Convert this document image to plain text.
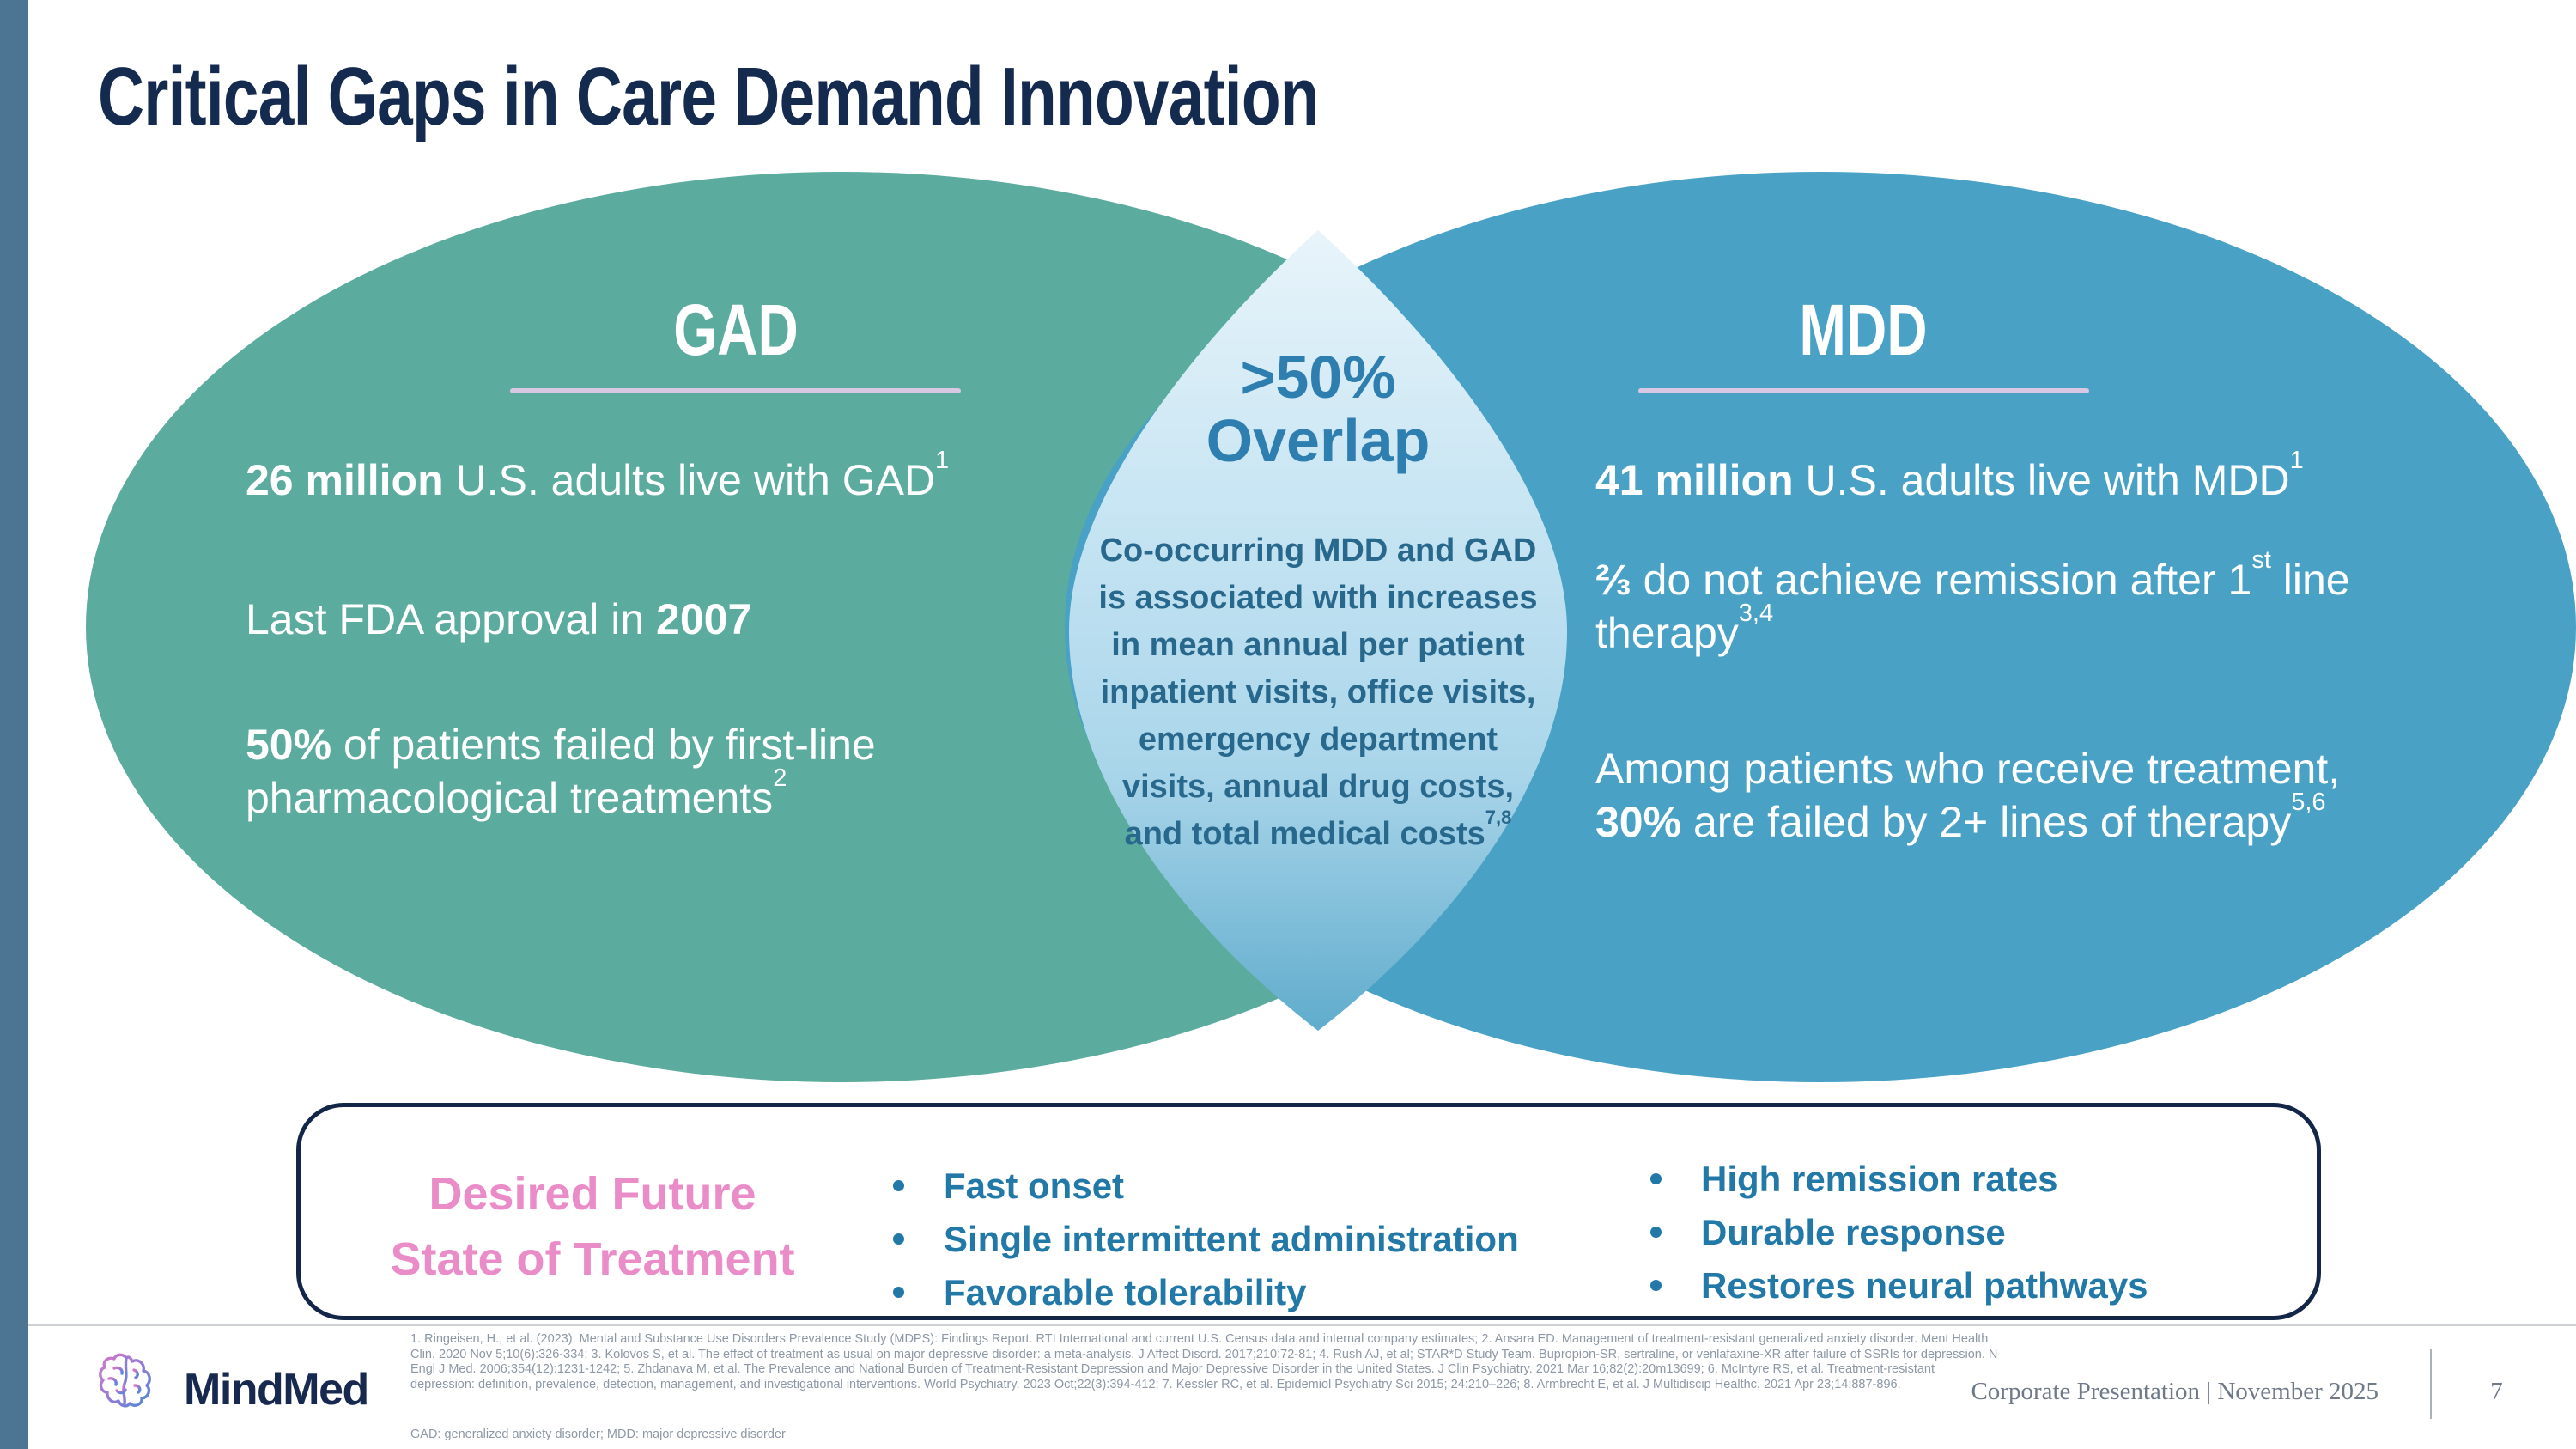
Critical Gaps in Care Demand Innovation
GAD
26 million U.S. adults live with GAD$^1$
Last FDA approval in 2007
50% of patients failed by first-line
pharmacological treatments$^2$
>50%
Overlap
Co-occurring MDD and GAD
is associated with increases
in mean annual per patient
inpatient visits, office visits,
emergency department
visits, annual drug costs,
and total medical costs$^{7,8}$
MDD
41 million U.S. adults live with MDD$^1$
⅔ do not achieve remission after 1st line
therapy$^{3,4}$
Among patients who receive treatment,
30% are failed by 2+ lines of therapy$^{5,6}$
Desired Future
State of Treatment
Fast onset
Single intermittent administration
Favorable tolerability
High remission rates
Durable response
Restores neural pathways
MindMed
1. Ringeisen, H., et al. (2023). Mental and Substance Use Disorders Prevalence Study (MDPS): Findings Report. RTI International and current U.S. Census data and internal company estimates; 2. Ansara ED. Management of treatment-resistant generalized anxiety disorder. Ment Health
Clin. 2020 Nov 5;10(6):326-334; 3. Kolovos S, et al. The effect of treatment as usual on major depressive disorder: a meta-analysis. J Affect Disord. 2017;210:72-81; 4. Rush AJ, et al; STAR*D Study Team. Bupropion-SR, sertraline, or venlafaxine-XR after failure of SSRIs for depression. N
Engl J Med. 2006;354(12):1231-1242; 5. Zhdanava M, et al. The Prevalence and National Burden of Treatment-Resistant Depression and Major Depressive Disorder in the United States. J Clin Psychiatry. 2021 Mar 16;82(2):20m13699; 6. McIntyre RS, et al. Treatment-resistant
depression: definition, prevalence, detection, management, and investigational interventions. World Psychiatry. 2023 Oct;22(3):394-412; 7. Kessler RC, et al. Epidemiol Psychiatry Sci 2015; 24:210–226; 8. Armbrecht E, et al. J Multidiscip Healthc. 2021 Apr 23;14:887-896.
GAD: generalized anxiety disorder; MDD: major depressive disorder
Corporate Presentation | November 2025	7
